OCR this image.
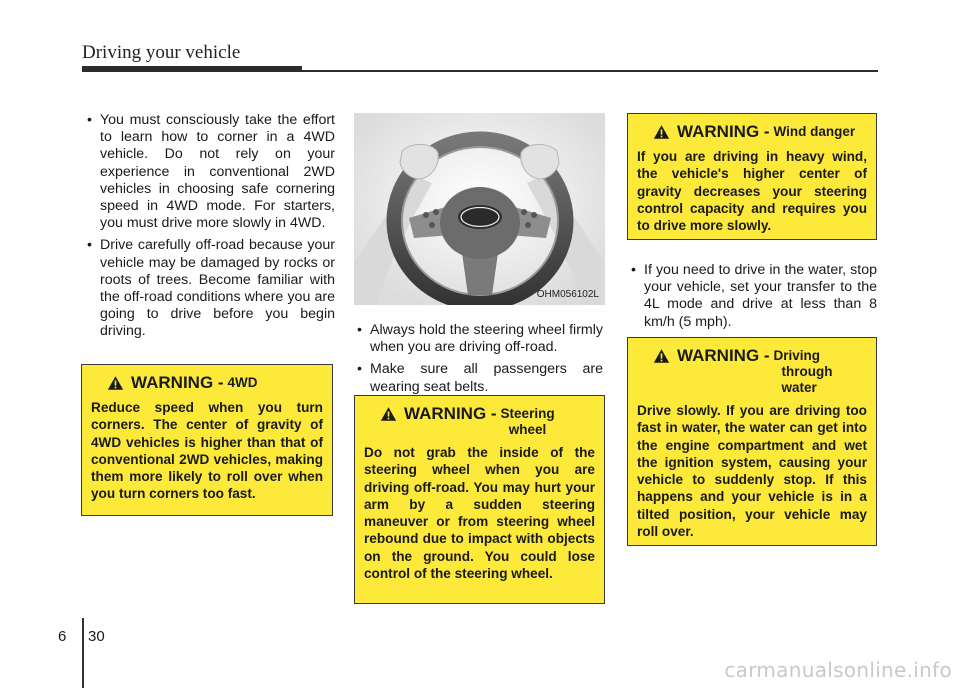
Driving your vehicle
• You must consciously take the effort to learn how to corner in a 4WD vehicle. Do not rely on your experience in conventional 2WD vehicles in choosing safe cornering speed in 4WD mode. For starters, you must drive more slowly in 4WD.
• Drive carefully off-road because your vehicle may be damaged by rocks or roots of trees. Become familiar with the off-road conditions where you are going to drive before you begin driving.
WARNING - 4WD
Reduce speed when you turn corners. The center of gravity of 4WD vehicles is higher than that of conventional 2WD vehicles, making them more likely to roll over when you turn corners too fast.
OHM056102L
• Always hold the steering wheel firmly when you are driving off-road.
• Make sure all passengers are wearing seat belts.
WARNING - Steering
wheel
Do not grab the inside of the steering wheel when you are driving off-road. You may hurt your arm by a sudden steering maneuver or from steering wheel rebound due to impact with objects on the ground. You could lose control of the steering wheel.
WARNING - Wind danger
If you are driving in heavy wind, the vehicle's higher center of gravity decreases your steering control capacity and requires you to drive more slowly.
• If you need to drive in the water, stop your vehicle, set your transfer to the 4L mode and drive at less than 8 km/h (5 mph).
WARNING - Driving
through water
Drive slowly. If you are driving too fast in water, the water can get into the engine compartment and wet the ignition system, causing your vehicle to suddenly stop. If this happens and your vehicle is in a tilted position, your vehicle may roll over.
6 30
carmanualsonline.info
